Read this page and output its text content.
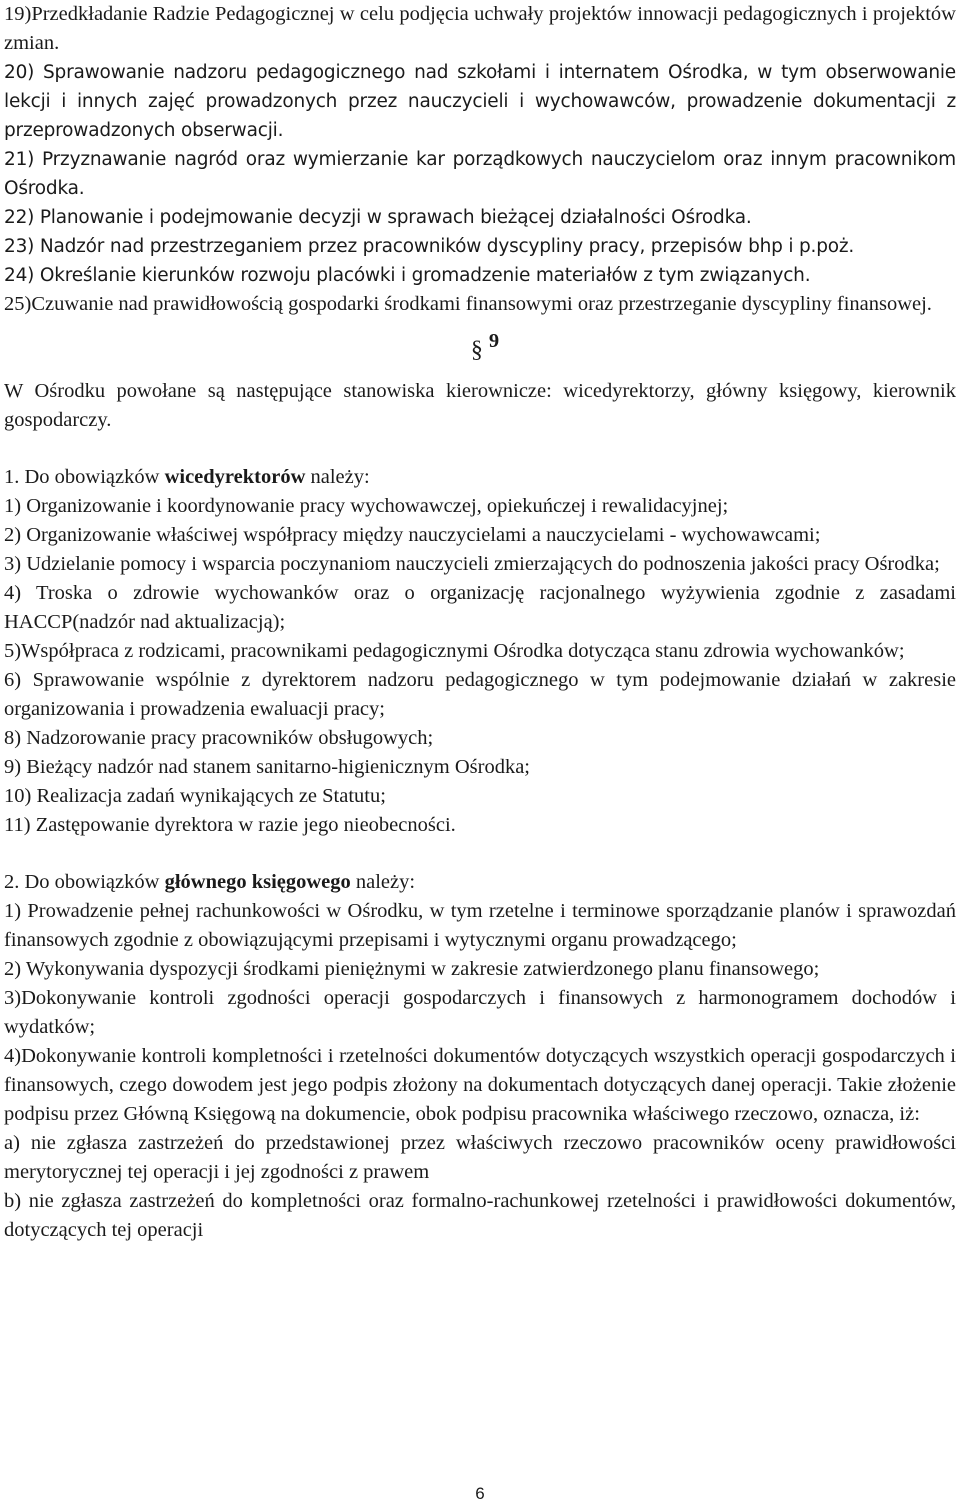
19)Przedkładanie Radzie Pedagogicznej w celu podjęcia uchwały projektów innowacji pedagogicznych i projektów zmian.

20) Sprawowanie nadzoru pedagogicznego nad szkołami i internatem Ośrodka, w tym obserwowanie lekcji i innych zajęć prowadzonych przez nauczycieli i wychowawców, prowadzenie dokumentacji z przeprowadzonych obserwacji.

21) Przyznawanie nagród oraz wymierzanie kar porządkowych nauczycielom oraz innym pracownikom Ośrodka.

22) Planowanie i podejmowanie decyzji w sprawach bieżącej działalności Ośrodka.

23) Nadzór nad przestrzeganiem przez pracowników dyscypliny pracy, przepisów bhp i p.poż.

24) Określanie kierunków rozwoju placówki i gromadzenie materiałów z tym związanych.

25)Czuwanie nad prawidłowością gospodarki środkami finansowymi oraz przestrzeganie dyscypliny finansowej.

§ 9

W Ośrodku powołane są następujące stanowiska kierownicze: wicedyrektorzy, główny księgowy, kierownik gospodarczy.

1. Do obowiązków wicedyrektorów należy:

1) Organizowanie i koordynowanie pracy wychowawczej, opiekuńczej i rewalidacyjnej;

2) Organizowanie właściwej współpracy między nauczycielami a nauczycielami - wychowawcami;

3) Udzielanie pomocy i wsparcia poczynaniom nauczycieli zmierzających do podnoszenia jakości pracy Ośrodka;

4) Troska o zdrowie wychowanków oraz o organizację racjonalnego wyżywienia zgodnie z zasadami HACCP(nadzór nad aktualizacją);

5)Współpraca z rodzicami, pracownikami pedagogicznymi Ośrodka dotycząca stanu zdrowia wychowanków;

6) Sprawowanie wspólnie z dyrektorem nadzoru pedagogicznego w tym podejmowanie działań w zakresie organizowania i prowadzenia ewaluacji pracy;

8) Nadzorowanie pracy pracowników obsługowych;

9) Bieżący nadzór nad stanem sanitarno-higienicznym Ośrodka;

10) Realizacja zadań wynikających ze Statutu;

11) Zastępowanie dyrektora w razie jego nieobecności.

2. Do obowiązków głównego księgowego należy:

1) Prowadzenie pełnej rachunkowości w Ośrodku, w tym rzetelne i terminowe sporządzanie planów i sprawozdań finansowych zgodnie z obowiązującymi przepisami i wytycznymi organu prowadzącego;

2) Wykonywania dyspozycji środkami pieniężnymi w zakresie zatwierdzonego planu finansowego;

3)Dokonywanie kontroli zgodności operacji gospodarczych i finansowych z harmonogramem dochodów i wydatków;

4)Dokonywanie kontroli kompletności i rzetelności dokumentów dotyczących wszystkich operacji gospodarczych i finansowych, czego dowodem jest jego podpis złożony na dokumentach dotyczących danej operacji. Takie złożenie podpisu przez Główną Księgową na dokumencie, obok podpisu pracownika właściwego rzeczowo, oznacza, iż:

a) nie zgłasza zastrzeżeń do przedstawionej przez właściwych rzeczowo pracowników oceny prawidłowości merytorycznej tej operacji i jej zgodności z prawem

b) nie zgłasza zastrzeżeń do kompletności oraz formalno-rachunkowej rzetelności i prawidłowości dokumentów, dotyczących tej operacji

6
